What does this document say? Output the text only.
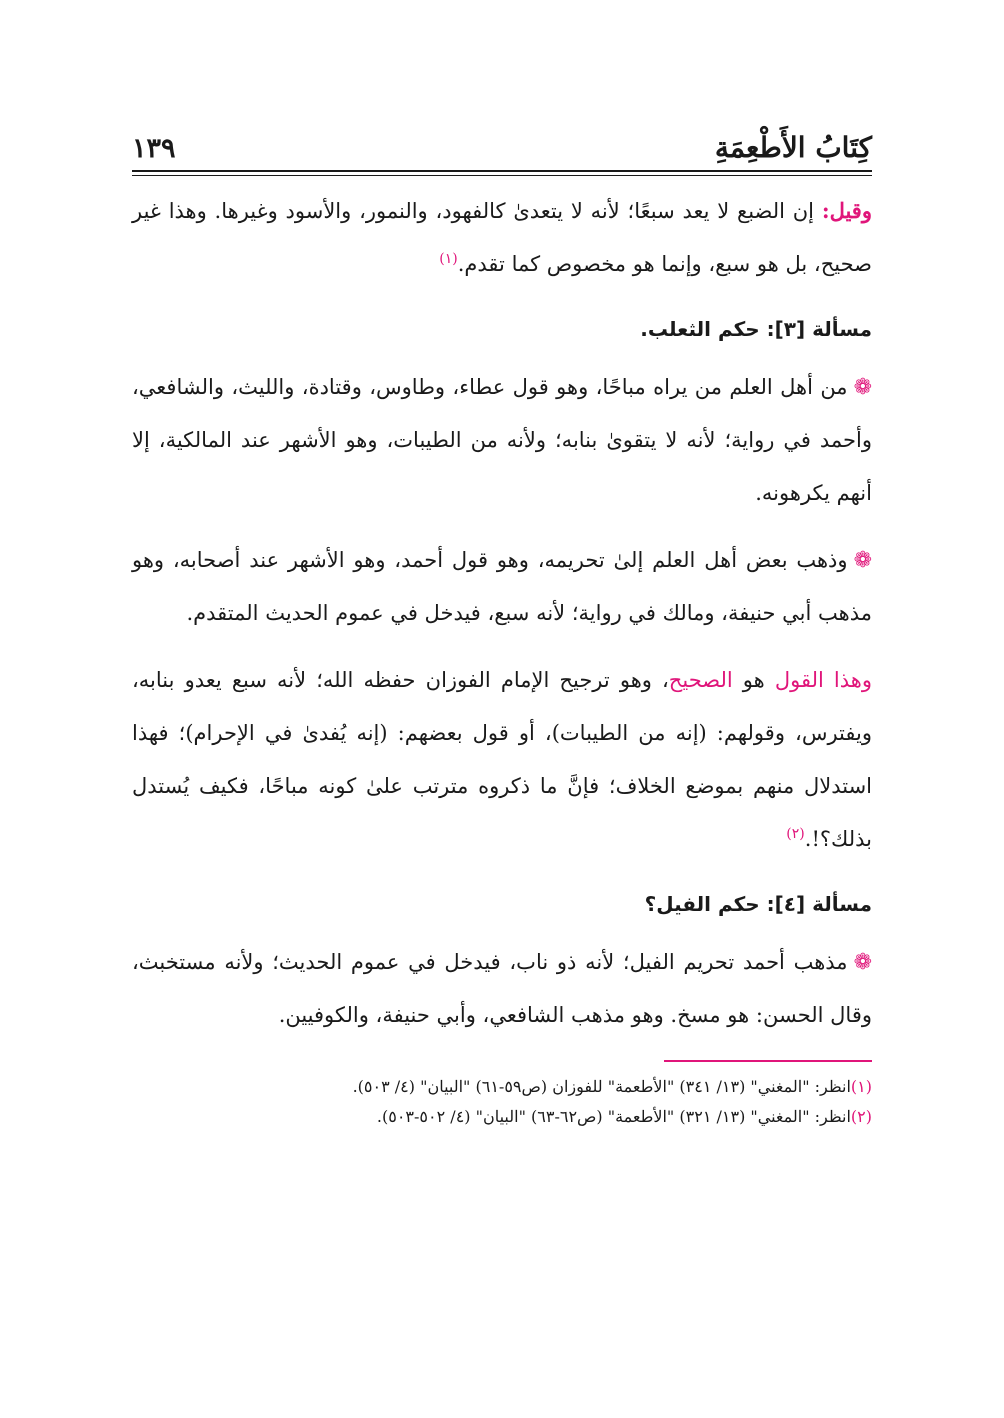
كِتَابُ الأَطْعِمَةِ
١٣٩

وقيل: إن الضبع لا يعد سبعًا؛ لأنه لا يتعدىٰ كالفهود، والنمور، والأسود وغيرها. وهذا غير صحيح، بل هو سبع، وإنما هو مخصوص كما تقدم.$^{(١)}$

مسألة [٣]: حكم الثعلب.

❁من أهل العلم من يراه مباحًا، وهو قول عطاء، وطاوس، وقتادة، والليث، والشافعي، وأحمد في رواية؛ لأنه لا يتقوىٰ بنابه؛ ولأنه من الطيبات، وهو الأشهر عند المالكية، إلا أنهم يكرهونه.

❁وذهب بعض أهل العلم إلىٰ تحريمه، وهو قول أحمد، وهو الأشهر عند أصحابه، وهو مذهب أبي حنيفة، ومالك في رواية؛ لأنه سبع، فيدخل في عموم الحديث المتقدم.

وهذا القول هو الصحيح، وهو ترجيح الإمام الفوزان حفظه الله؛ لأنه سبع يعدو بنابه، ويفترس، وقولهم: (إنه من الطيبات)، أو قول بعضهم: (إنه يُفدىٰ في الإحرام)؛ فهذا استدلال منهم بموضع الخلاف؛ فإنَّ ما ذكروه مترتب علىٰ كونه مباحًا، فكيف يُستدل بذلك؟!.$^{(٢)}$

مسألة [٤]: حكم الفيل؟

❁مذهب أحمد تحريم الفيل؛ لأنه ذو ناب، فيدخل في عموم الحديث؛ ولأنه مستخبث، وقال الحسن: هو مسخ. وهو مذهب الشافعي، وأبي حنيفة، والكوفيين.

(١)انظر: "المغني" (١٣/ ٣٤١) "الأطعمة" للفوزان (ص٥٩-٦١) "البيان" (٤/ ٥٠٣).

(٢)انظر: "المغني" (١٣/ ٣٢١) "الأطعمة" (ص٦٢-٦٣) "البيان" (٤/ ٥٠٢-٥٠٣).
